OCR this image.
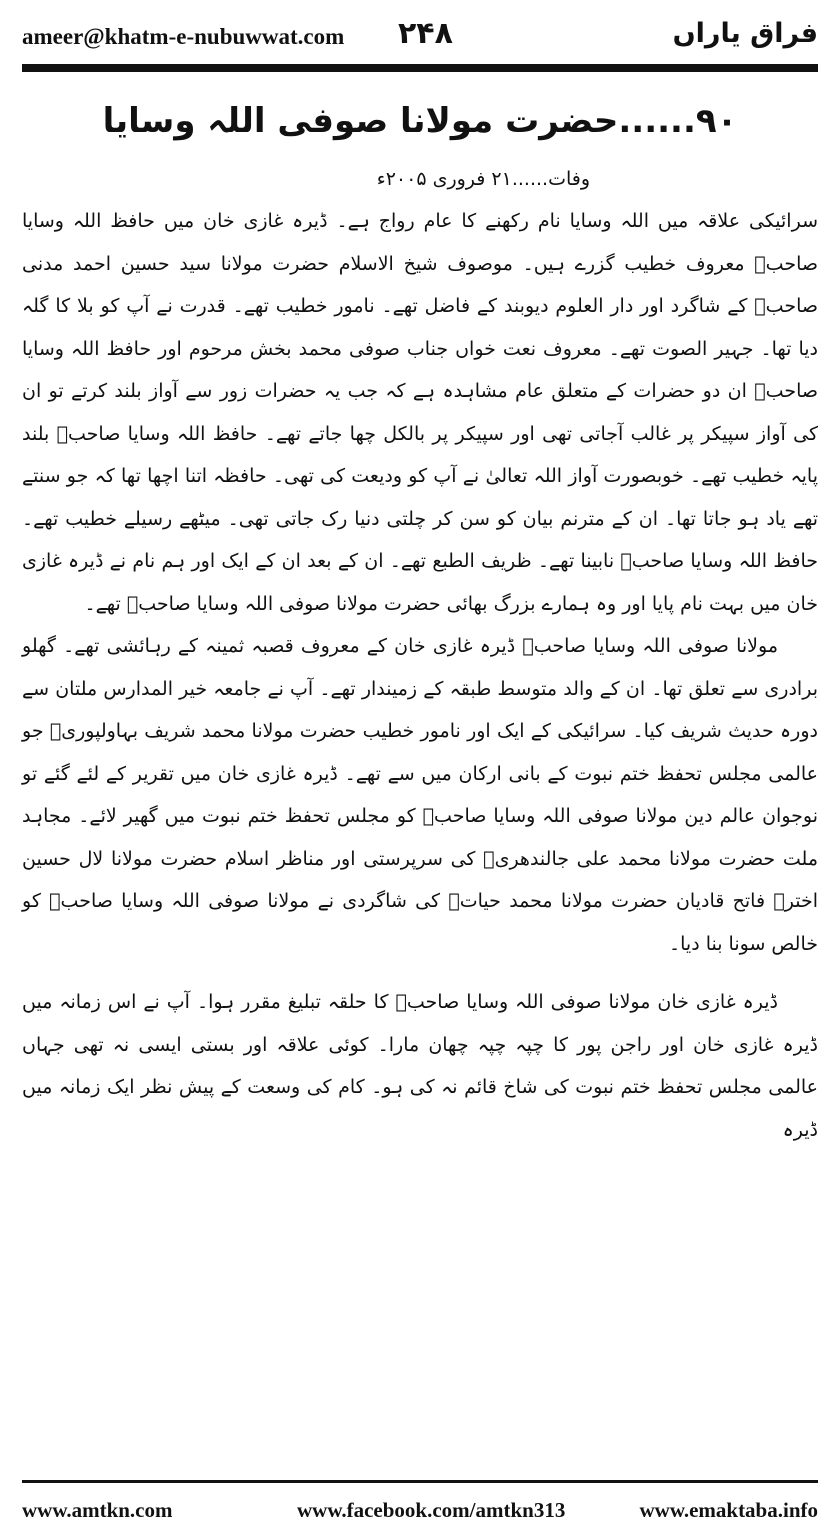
ameer@khatm-e-nubuwwat.com ۲۴۸	فراق یاراں
۹۰......حضرت مولانا صوفی اللہ وسایا
وفات......۲۱ فروری ۲۰۰۵ء

سرائیکی علاقہ میں اللہ وسایا نام رکھنے کا عام رواج ہے۔ ڈیرہ غازی خان میں حافظ اللہ وسایا صاحبؒ معروف خطیب گزرے ہیں۔ موصوف شیخ الاسلام حضرت مولانا سید حسین احمد مدنی صاحبؒ کے شاگرد اور دار العلوم دیوبند کے فاضل تھے۔ نامور خطیب تھے۔ قدرت نے آپ کو بلا کا گلہ دیا تھا۔ جہیر الصوت تھے۔ معروف نعت خواں جناب صوفی محمد بخش مرحوم اور حافظ اللہ وسایا صاحبؒ ان دو حضرات کے متعلق عام مشاہدہ ہے کہ جب یہ حضرات زور سے آواز بلند کرتے تو ان کی آواز سپیکر پر غالب آجاتی تھی اور سپیکر پر بالکل چھا جاتے تھے۔ حافظ اللہ وسایا صاحبؒ بلند پایہ خطیب تھے۔ خوبصورت آواز اللہ تعالیٰ نے آپ کو ودیعت کی تھی۔ حافظہ اتنا اچھا تھا کہ جو سنتے تھے یاد ہو جاتا تھا۔ ان کے مترنم بیان کو سن کر چلتی دنیا رک جاتی تھی۔ میٹھے رسیلے خطیب تھے۔ حافظ اللہ وسایا صاحبؒ نابینا تھے۔ ظریف الطبع تھے۔ ان کے بعد ان کے ایک اور ہم نام نے ڈیرہ غازی خان میں بہت نام پایا اور وہ ہمارے بزرگ بھائی حضرت مولانا صوفی اللہ وسایا صاحبؒ تھے۔

مولانا صوفی اللہ وسایا صاحبؒ ڈیرہ غازی خان کے معروف قصبہ ثمینہ کے رہائشی تھے۔ گھلو برادری سے تعلق تھا۔ ان کے والد متوسط طبقہ کے زمیندار تھے۔ آپ نے جامعہ خیر المدارس ملتان سے دورہ حدیث شریف کیا۔ سرائیکی کے ایک اور نامور خطیب حضرت مولانا محمد شریف بہاولپوریؒ جو عالمی مجلس تحفظ ختم نبوت کے بانی ارکان میں سے تھے۔ ڈیرہ غازی خان میں تقریر کے لئے گئے تو نوجوان عالم دین مولانا صوفی اللہ وسایا صاحبؒ کو مجلس تحفظ ختم نبوت میں گھیر لائے۔ مجاہد ملت حضرت مولانا محمد علی جالندھریؒ کی سرپرستی اور مناظر اسلام حضرت مولانا لال حسین اخترؒ فاتح قادیان حضرت مولانا محمد حیاتؒ کی شاگردی نے مولانا صوفی اللہ وسایا صاحبؒ کو خالص سونا بنا دیا۔

ڈیرہ غازی خان مولانا صوفی اللہ وسایا صاحبؒ کا حلقہ تبلیغ مقرر ہوا۔ آپ نے اس زمانہ میں ڈیرہ غازی خان اور راجن پور کا چپہ چپہ چھان مارا۔ کوئی علاقہ اور بستی ایسی نہ تھی جہاں عالمی مجلس تحفظ ختم نبوت کی شاخ قائم نہ کی ہو۔ کام کی وسعت کے پیش نظر ایک زمانہ میں ڈیرہ

www.amtkn.com	www.facebook.com/amtkn313	www.emaktaba.info
